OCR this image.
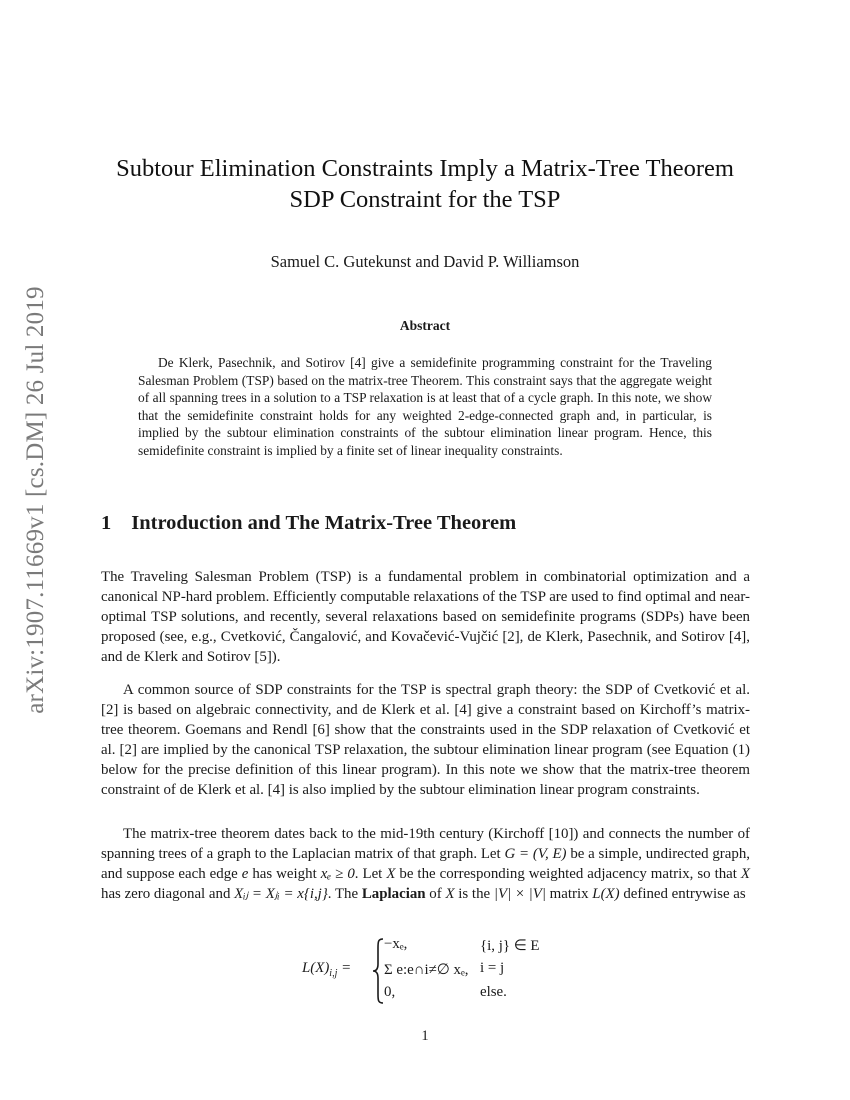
arXiv:1907.11669v1 [cs.DM] 26 Jul 2019
Subtour Elimination Constraints Imply a Matrix-Tree Theorem
SDP Constraint for the TSP
Samuel C. Gutekunst and David P. Williamson
Abstract

De Klerk, Pasechnik, and Sotirov [4] give a semidefinite programming constraint for the Traveling Salesman Problem (TSP) based on the matrix-tree Theorem. This constraint says that the aggregate weight of all spanning trees in a solution to a TSP relaxation is at least that of a cycle graph. In this note, we show that the semidefinite constraint holds for any weighted 2-edge-connected graph and, in particular, is implied by the subtour elimination constraints of the subtour elimination linear program. Hence, this semidefinite constraint is implied by a finite set of linear inequality constraints.

1 Introduction and The Matrix-Tree Theorem

The Traveling Salesman Problem (TSP) is a fundamental problem in combinatorial optimization and a canonical NP-hard problem. Efficiently computable relaxations of the TSP are used to find optimal and near-optimal TSP solutions, and recently, several relaxations based on semidefinite programs (SDPs) have been proposed (see, e.g., Cvetković, Čangalović, and Kovačević-Vujčić [2], de Klerk, Pasechnik, and Sotirov [4], and de Klerk and Sotirov [5]).

A common source of SDP constraints for the TSP is spectral graph theory: the SDP of Cvetković et al. [2] is based on algebraic connectivity, and de Klerk et al. [4] give a constraint based on Kirchoff’s matrix-tree theorem. Goemans and Rendl [6] show that the constraints used in the SDP relaxation of Cvetković et al. [2] are implied by the canonical TSP relaxation, the subtour elimination linear program (see Equation (1) below for the precise definition of this linear program). In this note we show that the matrix-tree theorem constraint of de Klerk et al. [4] is also implied by the subtour elimination linear program constraints.

The matrix-tree theorem dates back to the mid-19th century (Kirchoff [10]) and connects the number of spanning trees of a graph to the Laplacian matrix of that graph. Let G = (V, E) be a simple, undirected graph, and suppose each edge e has weight xₑ ≥ 0. Let X be the corresponding weighted adjacency matrix, so that X has zero diagonal and Xᵢⱼ = Xⱼᵢ = x{i,j}. The Laplacian of X is the |V| × |V| matrix L(X) defined entrywise as

$L(X)_{i,j}$ =
−xₑ,	{i, j} ∈ E
Σ e:e∩i≠∅ xₑ, i = j
0,	else.
1
